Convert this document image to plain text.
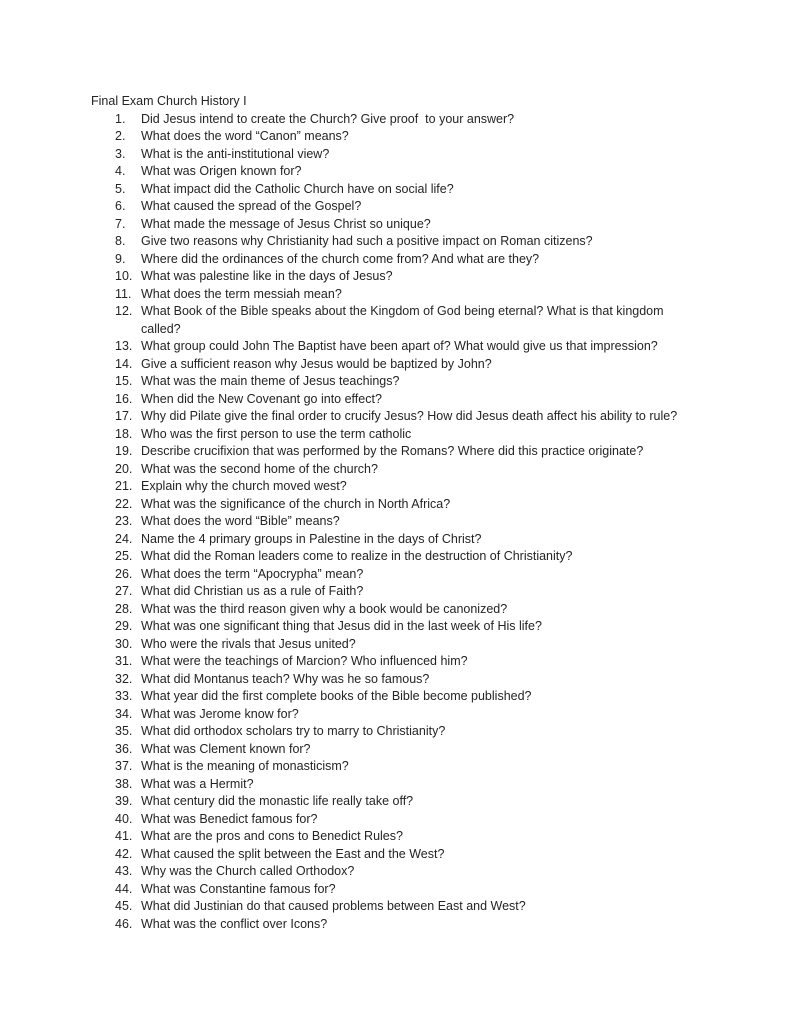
Final Exam Church History I
1.	Did Jesus intend to create the Church? Give proof  to your answer?
2.	What does the word “Canon” means?
3.	What is the anti-institutional view?
4.	What was Origen known for?
5.	What impact did the Catholic Church have on social life?
6.	What caused the spread of the Gospel?
7.	What made the message of Jesus Christ so unique?
8.	Give two reasons why Christianity had such a positive impact on Roman citizens?
9.	Where did the ordinances of the church come from? And what are they?
10. What was palestine like in the days of Jesus?
11. What does the term messiah mean?
12. What Book of the Bible speaks about the Kingdom of God being eternal? What is that kingdom called?
13. What group could John The Baptist have been apart of? What would give us that impression?
14. Give a sufficient reason why Jesus would be baptized by John?
15. What was the main theme of Jesus teachings?
16. When did the New Covenant go into effect?
17. Why did Pilate give the final order to crucify Jesus? How did Jesus death affect his ability to rule?
18. Who was the first person to use the term catholic
19. Describe crucifixion that was performed by the Romans? Where did this practice originate?
20. What was the second home of the church?
21. Explain why the church moved west?
22. What was the significance of the church in North Africa?
23. What does the word “Bible” means?
24. Name the 4 primary groups in Palestine in the days of Christ?
25. What did the Roman leaders come to realize in the destruction of Christianity?
26. What does the term “Apocrypha” mean?
27. What did Christian us as a rule of Faith?
28. What was the third reason given why a book would be canonized?
29. What was one significant thing that Jesus did in the last week of His life?
30. Who were the rivals that Jesus united?
31. What were the teachings of Marcion? Who influenced him?
32. What did Montanus teach? Why was he so famous?
33. What year did the first complete books of the Bible become published?
34. What was Jerome know for?
35. What did orthodox scholars try to marry to Christianity?
36. What was Clement known for?
37. What is the meaning of monasticism?
38. What was a Hermit?
39. What century did the monastic life really take off?
40. What was Benedict famous for?
41. What are the pros and cons to Benedict Rules?
42. What caused the split between the East and the West?
43. Why was the Church called Orthodox?
44. What was Constantine famous for?
45. What did Justinian do that caused problems between East and West?
46. What was the conflict over Icons?
